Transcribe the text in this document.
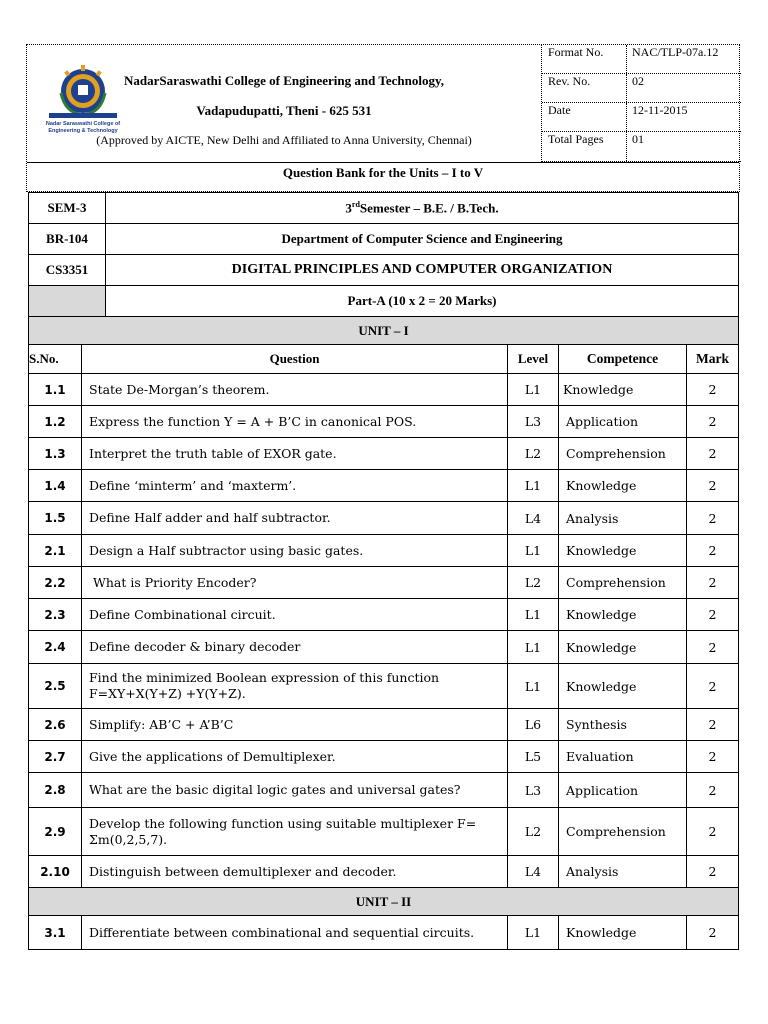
Nadar Saraswathi College of
Engineering & Technology
NadarSaraswathi College of Engineering and Technology,
Vadapudupatti, Theni - 625 531
(Approved by AICTE, New Delhi and Affiliated to Anna University, Chennai)
Format No. NAC/TLP-07a.12
Rev. No.	02
Date	12-11-2015
Total Pages 01
Question Bank for the Units – I to V
SEM-3	3rdSemester – B.E. / B.Tech.
BR-104	Department of Computer Science and Engineering
CS3351	DIGITAL PRINCIPLES AND COMPUTER ORGANIZATION
	Part-A (10 x 2 = 20 Marks)
UNIT – I				
S.No.	Question	Level	Competence	Mark
1.1	State De-Morgan’s theorem.	L1	Knowledge	2
1.2	Express the function Y = A + B’C in canonical POS.	L3	Application	2
1.3	Interpret the truth table of EXOR gate.	L2	Comprehension	2
1.4	Define ‘minterm’ and ‘maxterm’.	L1	Knowledge	2
1.5	Define Half adder and half subtractor.	L4	Analysis	2
2.1	Design a Half subtractor using basic gates.	L1	Knowledge	2
2.2	What is Priority Encoder?	L2	Comprehension	2
2.3	Define Combinational circuit.	L1	Knowledge	2
2.4	Define decoder & binary decoder	L1	Knowledge	2
2.5	Find the minimized Boolean expression of this function
F=XY+X(Y+Z) +Y(Y+Z).	L1	Knowledge	2
2.6	Simplify: AB’C + A’B’C	L6	Synthesis	2
2.7	Give the applications of Demultiplexer.	L5	Evaluation	2
2.8	What are the basic digital logic gates and universal gates?	L3	Application	2
2.9	Develop the following function using suitable multiplexer F=
Σm(0,2,5,7).	L2	Comprehension	2
2.10	Distinguish between demultiplexer and decoder.	L4	Analysis	2
UNIT – II				
3.1	Differentiate between combinational and sequential circuits.	L1	Knowledge	2
